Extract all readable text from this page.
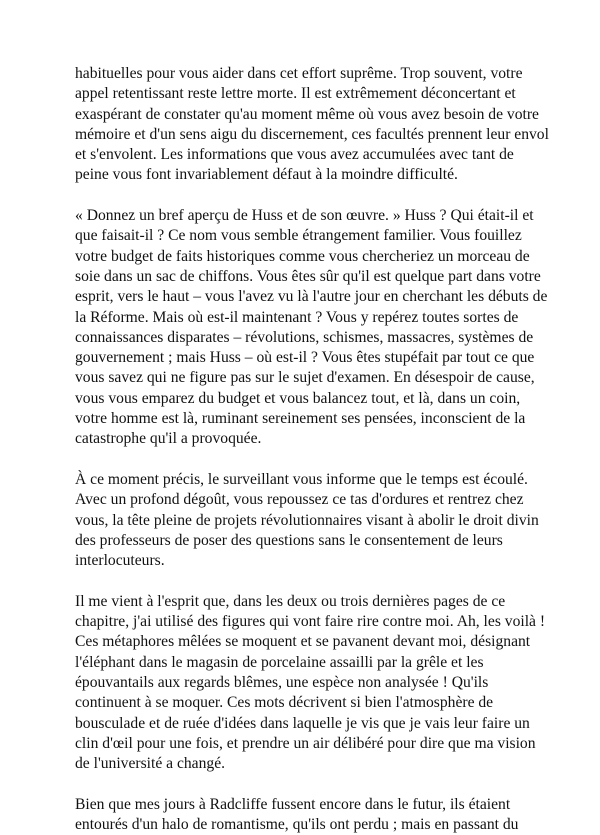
habituelles pour vous aider dans cet effort suprême. Trop souvent, votre
appel retentissant reste lettre morte. Il est extrêmement déconcertant et
exaspérant de constater qu'au moment même où vous avez besoin de votre
mémoire et d'un sens aigu du discernement, ces facultés prennent leur envol
et s'envolent. Les informations que vous avez accumulées avec tant de
peine vous font invariablement défaut à la moindre difficulté.

« Donnez un bref aperçu de Huss et de son œuvre. » Huss ? Qui était-il et
que faisait-il ? Ce nom vous semble étrangement familier. Vous fouillez
votre budget de faits historiques comme vous chercheriez un morceau de
soie dans un sac de chiffons. Vous êtes sûr qu'il est quelque part dans votre
esprit, vers le haut – vous l'avez vu là l'autre jour en cherchant les débuts de
la Réforme. Mais où est-il maintenant ? Vous y repérez toutes sortes de
connaissances disparates – révolutions, schismes, massacres, systèmes de
gouvernement ; mais Huss – où est-il ? Vous êtes stupéfait par tout ce que
vous savez qui ne figure pas sur le sujet d'examen. En désespoir de cause,
vous vous emparez du budget et vous balancez tout, et là, dans un coin,
votre homme est là, ruminant sereinement ses pensées, inconscient de la
catastrophe qu'il a provoquée.

À ce moment précis, le surveillant vous informe que le temps est écoulé.
Avec un profond dégoût, vous repoussez ce tas d'ordures et rentrez chez
vous, la tête pleine de projets révolutionnaires visant à abolir le droit divin
des professeurs de poser des questions sans le consentement de leurs
interlocuteurs.

Il me vient à l'esprit que, dans les deux ou trois dernières pages de ce
chapitre, j'ai utilisé des figures qui vont faire rire contre moi. Ah, les voilà !
Ces métaphores mêlées se moquent et se pavanent devant moi, désignant
l'éléphant dans le magasin de porcelaine assailli par la grêle et les
épouvantails aux regards blêmes, une espèce non analysée ! Qu'ils
continuent à se moquer. Ces mots décrivent si bien l'atmosphère de
bousculade et de ruée d'idées dans laquelle je vis que je vais leur faire un
clin d'œil pour une fois, et prendre un air délibéré pour dire que ma vision
de l'université a changé.

Bien que mes jours à Radcliffe fussent encore dans le futur, ils étaient
entourés d'un halo de romantisme, qu'ils ont perdu ; mais en passant du
